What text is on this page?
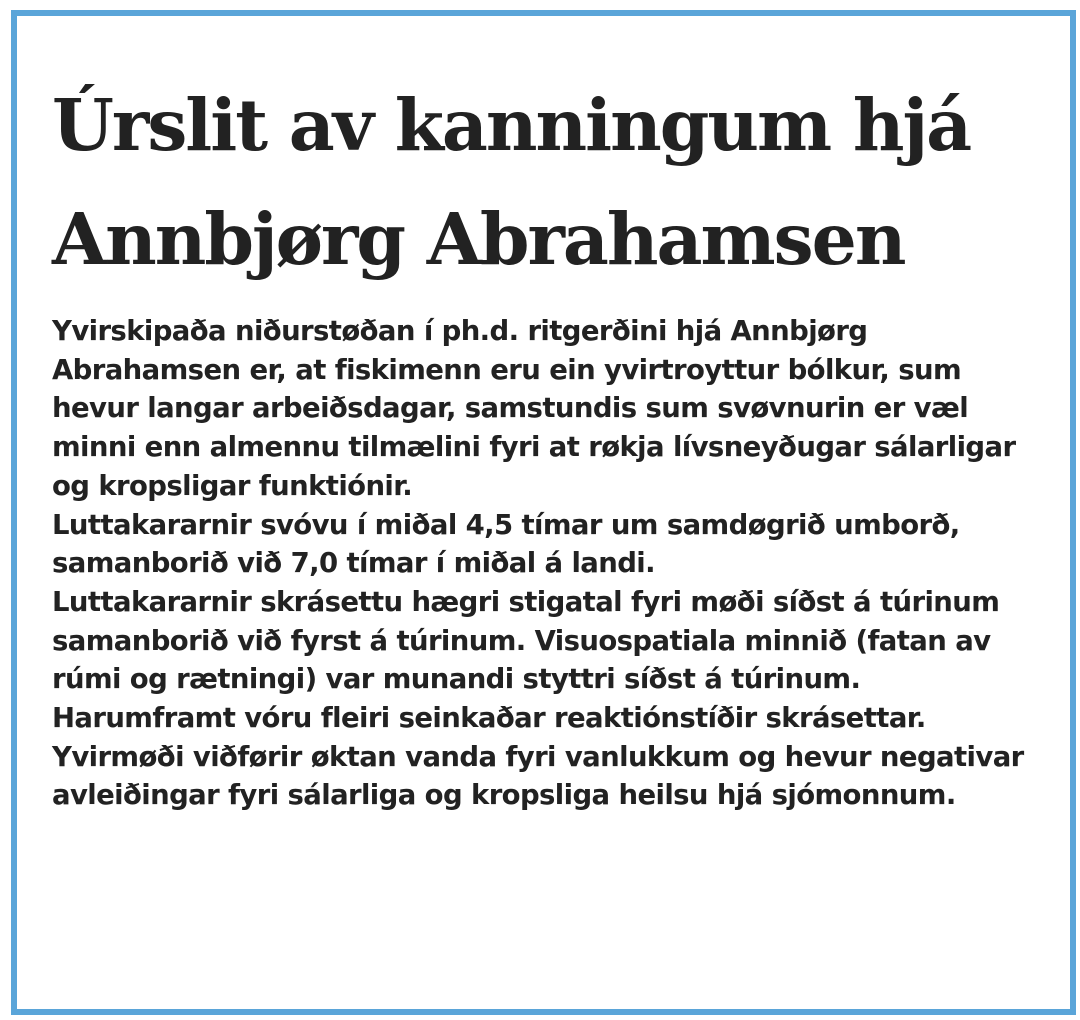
Úrslit av kanningum hjá Annbjørg Abrahamsen

Yvirskipaða niðurstøðan í ph.d. ritgerðini hjá Annbjørg Abrahamsen er, at fiskimenn eru ein yvirtroyttur bólkur, sum hevur langar arbeiðsdagar, samstundis sum svøvnurin er væl minni enn almennu tilmælini fyri at røkja lívsneyðugar sálarligar og kropsligar funktiónir.

Luttakararnir svóvu í miðal 4,5 tímar um samdøgrið umborð, samanborið við 7,0 tímar í miðal á landi.

Luttakararnir skrásettu hægri stigatal fyri møði síðst á túrinum samanborið við fyrst á túrinum. Visuospatiala minnið (fatan av rúmi og rætningi) var munandi styttri síðst á túrinum. Harumframt vóru fleiri seinkaðar reaktiónstíðir skrásettar.

Yvirmøði viðførir øktan vanda fyri vanlukkum og hevur negativar avleiðingar fyri sálarliga og kropsliga heilsu hjá sjómonnum.
